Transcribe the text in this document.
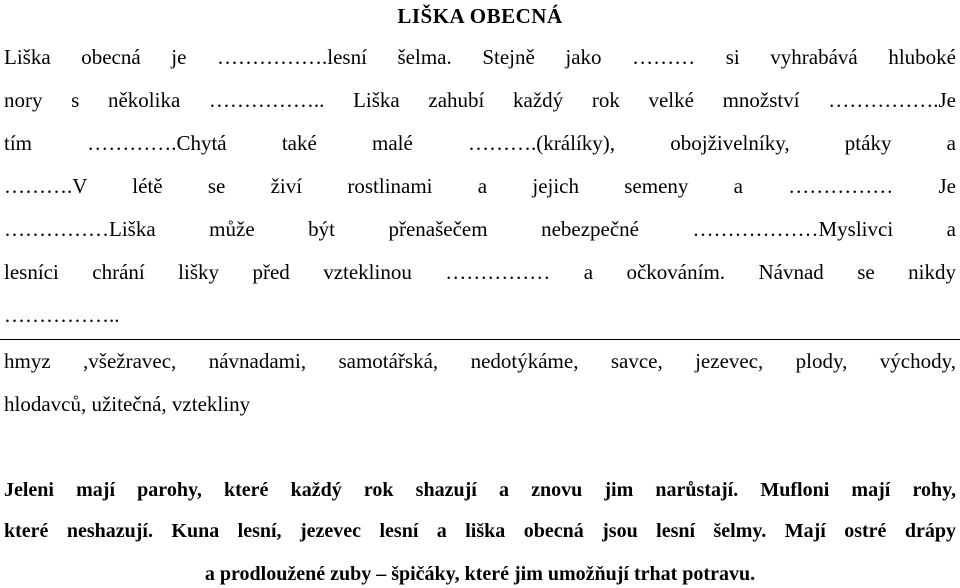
LIŠKA OBECNÁ
Liška obecná je …………….lesní šelma. Stejně jako ……… si vyhrabává hluboké
nory s několika …………….. Liška zahubí každý rok velké množství …………….Je
tím ………….Chytá také malé ……….(králíky), obojživelníky, ptáky a
……….V létě se živí rostlinami a jejich semeny a …………… Je
……………Liška může být přenašečem nebezpečné ………………Myslivci a
lesníci chrání lišky před vzteklinou …………… a očkováním. Návnad se nikdy
……………..
hmyz ,všežravec, návnadami, samotářská, nedotýkáme, savce, jezevec, plody, východy,
hlodavců, užitečná, vztekliny
Jeleni mají parohy, které každý rok shazují a znovu jim narůstají. Mufloni mají rohy,
které neshazují. Kuna lesní, jezevec lesní a liška obecná jsou lesní šelmy. Mají ostré drápy
a prodloužené zuby – špičáky, které jim umožňují trhat potravu.
